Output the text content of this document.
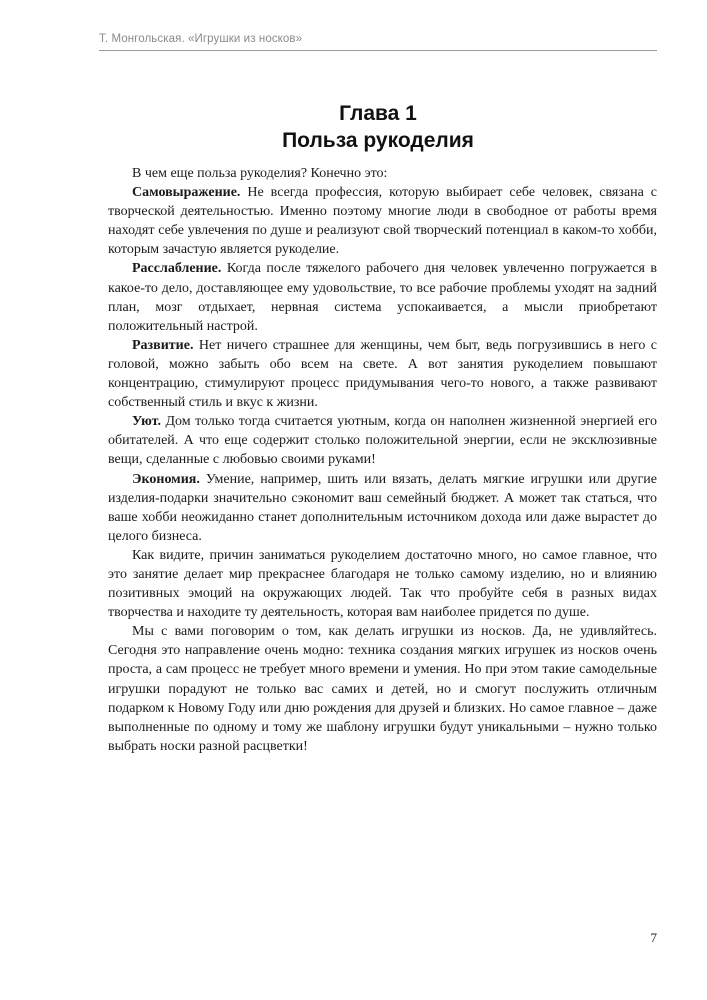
Т. Монгольская. «Игрушки из носков»
Глава 1
Польза рукоделия

В чем еще польза рукоделия? Конечно это:

Самовыражение. Не всегда профессия, которую выбирает себе человек, связана с творческой деятельностью. Именно поэтому многие люди в свободное от работы время находят себе увлечения по душе и реализуют свой творческий потенциал в каком-то хобби, которым зачастую является рукоделие.

Расслабление. Когда после тяжелого рабочего дня человек увлеченно погружается в какое-то дело, доставляющее ему удовольствие, то все рабочие проблемы уходят на задний план, мозг отдыхает, нервная система успокаивается, а мысли приобретают положительный настрой.

Развитие. Нет ничего страшнее для женщины, чем быт, ведь погрузившись в него с головой, можно забыть обо всем на свете. А вот занятия рукоделием повышают концентрацию, стимулируют процесс придумывания чего-то нового, а также развивают собственный стиль и вкус к жизни.

Уют. Дом только тогда считается уютным, когда он наполнен жизненной энергией его обитателей. А что еще содержит столько положительной энергии, если не эксклюзивные вещи, сделанные с любовью своими руками!

Экономия. Умение, например, шить или вязать, делать мягкие игрушки или другие изделия-подарки значительно сэкономит ваш семейный бюджет. А может так статься, что ваше хобби неожиданно станет дополнительным источником дохода или даже вырастет до целого бизнеса.

Как видите, причин заниматься рукоделием достаточно много, но самое главное, что это занятие делает мир прекраснее благодаря не только самому изделию, но и влиянию позитивных эмоций на окружающих людей. Так что пробуйте себя в разных видах творчества и находите ту деятельность, которая вам наиболее придется по душе.

Мы с вами поговорим о том, как делать игрушки из носков. Да, не удивляйтесь. Сегодня это направление очень модно: техника создания мягких игрушек из носков очень проста, а сам процесс не требует много времени и умения. Но при этом такие самодельные игрушки порадуют не только вас самих и детей, но и смогут послужить отличным подарком к Новому Году или дню рождения для друзей и близких. Но самое главное – даже выполненные по одному и тому же шаблону игрушки будут уникальными – нужно только выбрать носки разной расцветки!

7
